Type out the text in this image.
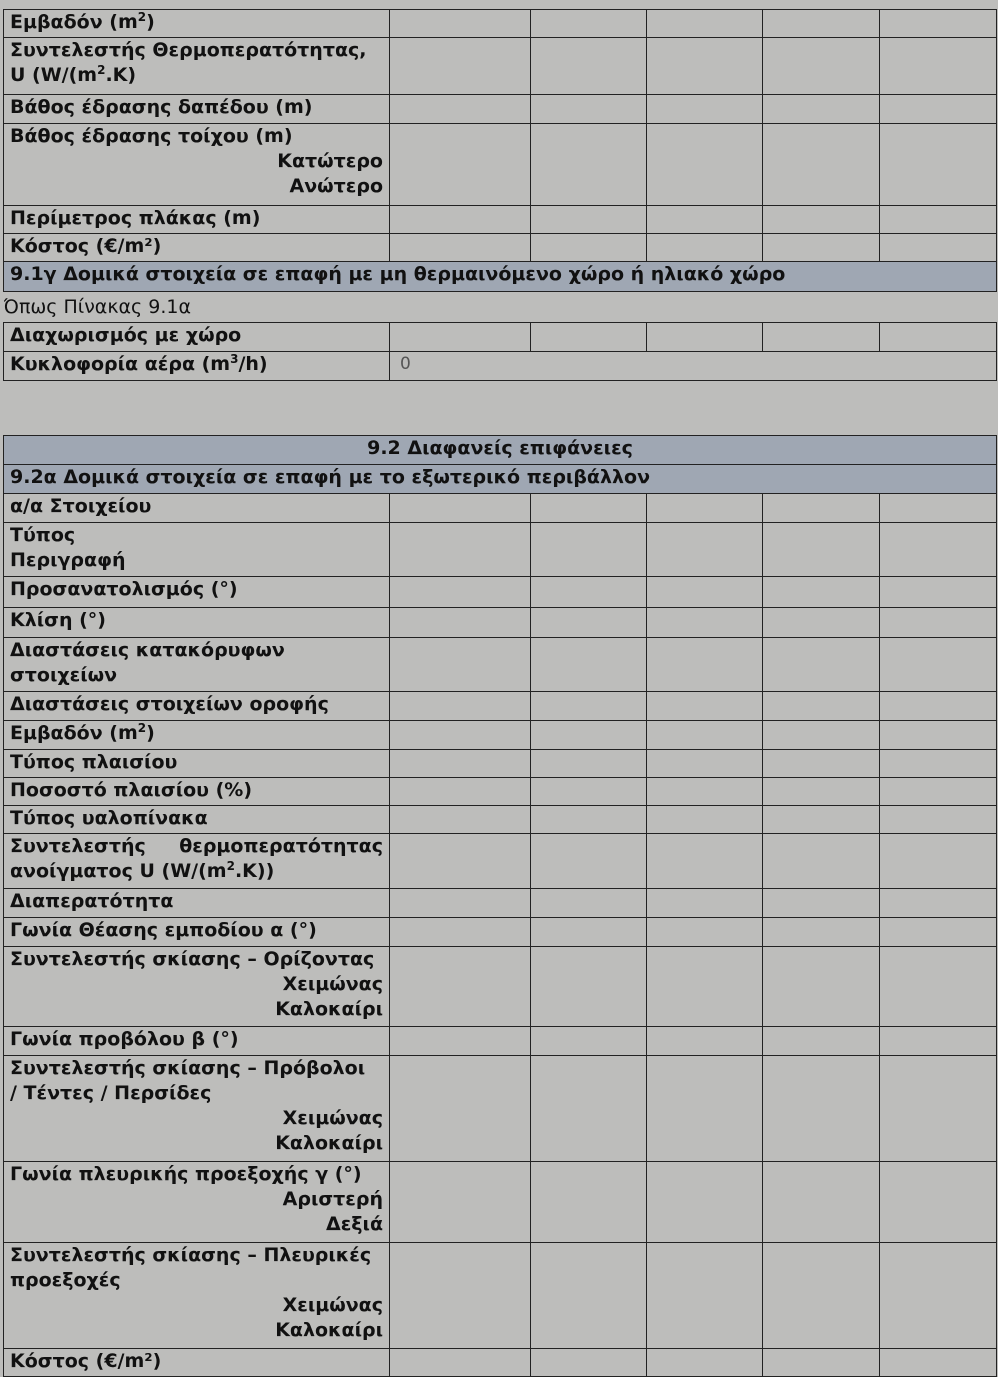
Εμβαδόν $(m^2)$					

Συντελεστής Θερμοπερατότητας,
U ($W/(m^2.K)$					

Βάθος έδρασης δαπέδου (m)					

Βάθος έδρασης τοίχου (m)
Κατώτερο
Ανώτερο					

Περίμετρος πλάκας (m)					

Κόστος (€/m²)					

9.1γ Δομικά στοιχεία σε επαφή με μη θερμαινόμενο χώρο ή ηλιακό χώρο					
Όπως Πίνακας 9.1α					
Διαχωρισμός με χώρο					
Κυκλοφορία αέρα $(m^3/h)$	0				
9.2 Διαφανείς επιφάνειες					
9.2α Δομικά στοιχεία σε επαφή με το εξωτερικό περιβάλλον					

α/α Στοιχείου					

Τύπος
Περιγραφή					

Προσανατολισμός (°)					

Κλίση (°)					

Διαστάσεις κατακόρυφων
στοιχείων					

Διαστάσεις στοιχείων οροφής					

Εμβαδόν $(m^2)$					

Τύπος πλαισίου					

Ποσοστό πλαισίου (%)					

Τύπος υαλοπίνακα					

Συντελεστής θερμοπερατότητας
ανοίγματος U $(W/(m^2.K))$					

Διαπερατότητα					

Γωνία Θέασης εμποδίου α (°)					

Συντελεστής σκίασης – Ορίζοντας
Χειμώνας
Καλοκαίρι					

Γωνία προβόλου β (°)					

Συντελεστής σκίασης – Πρόβολοι
/ Τέντες / Περσίδες
Χειμώνας
Καλοκαίρι					

Γωνία πλευρικής προεξοχής γ (°)
Αριστερή
Δεξιά					

Συντελεστής σκίασης – Πλευρικές
προεξοχές
Χειμώνας
Καλοκαίρι					

Κόστος (€/m²)					
